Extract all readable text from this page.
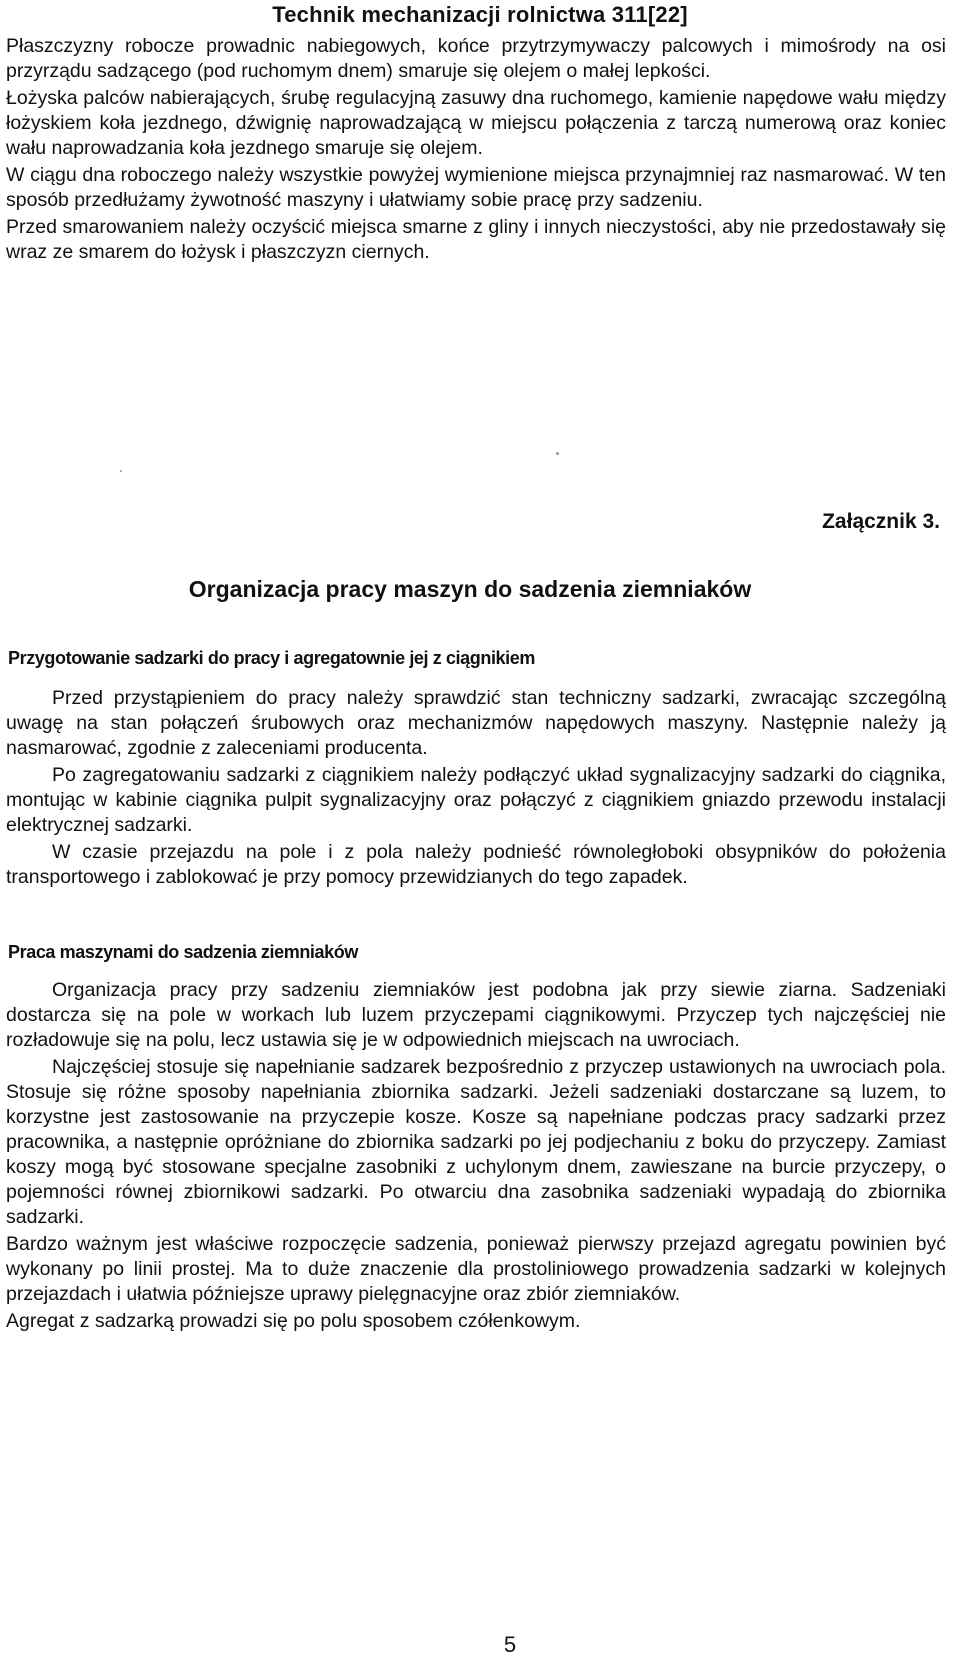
Technik mechanizacji rolnictwa 311[22]

Płaszczyzny robocze prowadnic nabiegowych, końce przytrzymywaczy palcowych i mimośrody na osi przyrządu sadzącego (pod ruchomym dnem) smaruje się olejem o małej lepkości.

Łożyska palców nabierających, śrubę regulacyjną zasuwy dna ruchomego, kamienie napędowe wału między łożyskiem koła jezdnego, dźwignię naprowadzającą w miejscu połączenia z tarczą numerową oraz koniec wału naprowadzania koła jezdnego smaruje się olejem.

W ciągu dna roboczego należy wszystkie powyżej wymienione miejsca przynajmniej raz nasmarować. W ten sposób przedłużamy żywotność maszyny i ułatwiamy sobie pracę przy sadzeniu.

Przed smarowaniem należy oczyścić miejsca smarne z gliny i innych nieczystości, aby nie przedostawały się wraz ze smarem do łożysk i płaszczyzn ciernych.

Załącznik 3.
Organizacja pracy maszyn do sadzenia ziemniaków
Przygotowanie sadzarki do pracy i agregatownie jej z ciągnikiem

Przed przystąpieniem do pracy należy sprawdzić stan techniczny sadzarki, zwracając szczególną uwagę na stan połączeń śrubowych oraz mechanizmów napędowych maszyny. Następnie należy ją nasmarować, zgodnie z zaleceniami producenta.

Po zagregatowaniu sadzarki z ciągnikiem należy podłączyć układ sygnalizacyjny sadzarki do ciągnika, montując w kabinie ciągnika pulpit sygnalizacyjny oraz połączyć z ciągnikiem gniazdo przewodu instalacji elektrycznej sadzarki.

W czasie przejazdu na pole i z pola należy podnieść równoległoboki obsypników do położenia transportowego i zablokować je przy pomocy przewidzianych do tego zapadek.

Praca maszynami do sadzenia ziemniaków

Organizacja pracy przy sadzeniu ziemniaków jest podobna jak przy siewie ziarna. Sadzeniaki dostarcza się na pole w workach lub luzem przyczepami ciągnikowymi. Przyczep tych najczęściej nie rozładowuje się na polu, lecz ustawia się je w odpowiednich miejscach na uwrociach.

Najczęściej stosuje się napełnianie sadzarek bezpośrednio z przyczep ustawionych na uwrociach pola. Stosuje się różne sposoby napełniania zbiornika sadzarki. Jeżeli sadzeniaki dostarczane są luzem, to korzystne jest zastosowanie na przyczepie kosze. Kosze są napełniane podczas pracy sadzarki przez pracownika, a następnie opróżniane do zbiornika sadzarki po jej podjechaniu z boku do przyczepy. Zamiast koszy mogą być stosowane specjalne zasobniki z uchylonym dnem, zawieszane na burcie przyczepy, o pojemności równej zbiornikowi sadzarki. Po otwarciu dna zasobnika sadzeniaki wypadają do zbiornika sadzarki.

Bardzo ważnym jest właściwe rozpoczęcie sadzenia, ponieważ pierwszy przejazd agregatu powinien być wykonany po linii prostej. Ma to duże znaczenie dla prostoliniowego prowadzenia sadzarki w kolejnych przejazdach i ułatwia późniejsze uprawy pielęgnacyjne oraz zbiór ziemniaków.

Agregat z sadzarką prowadzi się po polu sposobem czółenkowym.

5
